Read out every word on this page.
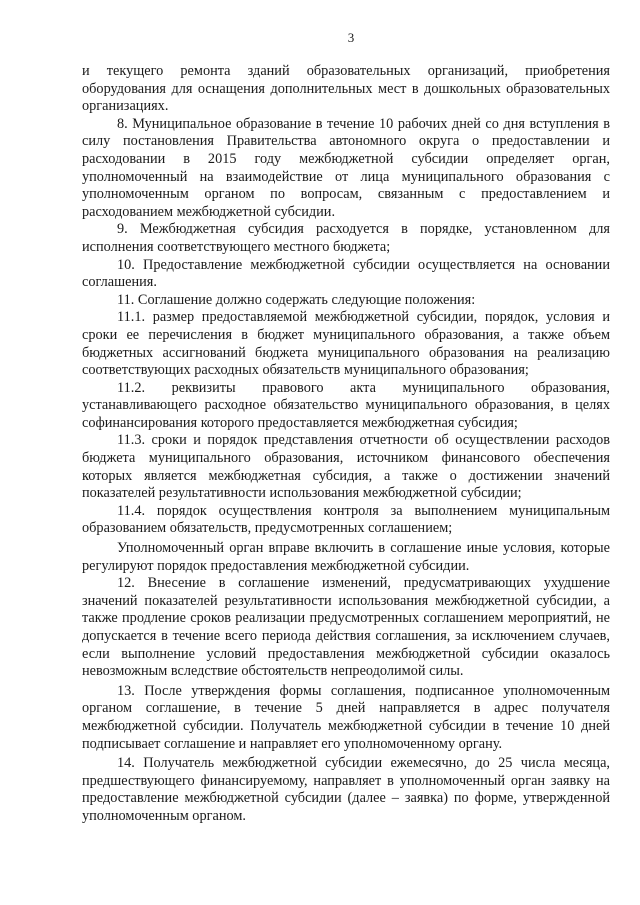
3

и текущего ремонта зданий образовательных организаций, приобретения оборудования для оснащения дополнительных мест в дошкольных образовательных организациях.

8. Муниципальное образование в течение 10 рабочих дней со дня вступления в силу постановления Правительства автономного округа о предоставлении и расходовании в 2015 году межбюджетной субсидии определяет орган, уполномоченный на взаимодействие от лица муниципального образования с уполномоченным органом по вопросам, связанным с предоставлением и расходованием межбюджетной субсидии.

9. Межбюджетная субсидия расходуется в порядке, установленном для исполнения соответствующего местного бюджета;

10. Предоставление межбюджетной субсидии осуществляется на основании соглашения.

11. Соглашение должно содержать следующие положения:

11.1. размер предоставляемой межбюджетной субсидии, порядок, условия и сроки ее перечисления в бюджет муниципального образования, а также объем бюджетных ассигнований бюджета муниципального образования на реализацию соответствующих расходных обязательств муниципального образования;

11.2. реквизиты правового акта муниципального образования, устанавливающего расходное обязательство муниципального образования, в целях софинансирования которого предоставляется межбюджетная субсидия;

11.3. сроки и порядок представления отчетности об осуществлении расходов бюджета муниципального образования, источником финансового обеспечения которых является межбюджетная субсидия, а также о достижении значений показателей результативности использования межбюджетной субсидии;

11.4. порядок осуществления контроля за выполнением муниципальным образованием обязательств, предусмотренных соглашением;

Уполномоченный орган вправе включить в соглашение иные условия, которые регулируют порядок предоставления межбюджетной субсидии.

12. Внесение в соглашение изменений, предусматривающих ухудшение значений показателей результативности использования межбюджетной субсидии, а также продление сроков реализации предусмотренных соглашением мероприятий, не допускается в течение всего периода действия соглашения, за исключением случаев, если выполнение условий предоставления межбюджетной субсидии оказалось невозможным вследствие обстоятельств непреодолимой силы.

13. После утверждения формы соглашения, подписанное уполномоченным органом соглашение, в течение 5 дней направляется в адрес получателя межбюджетной субсидии. Получатель межбюджетной субсидии в течение 10 дней подписывает соглашение и направляет его уполномоченному органу.

14. Получатель межбюджетной субсидии ежемесячно, до 25 числа месяца, предшествующего финансируемому, направляет в уполномоченный орган заявку на предоставление межбюджетной субсидии (далее – заявка) по форме, утвержденной уполномоченным органом.
